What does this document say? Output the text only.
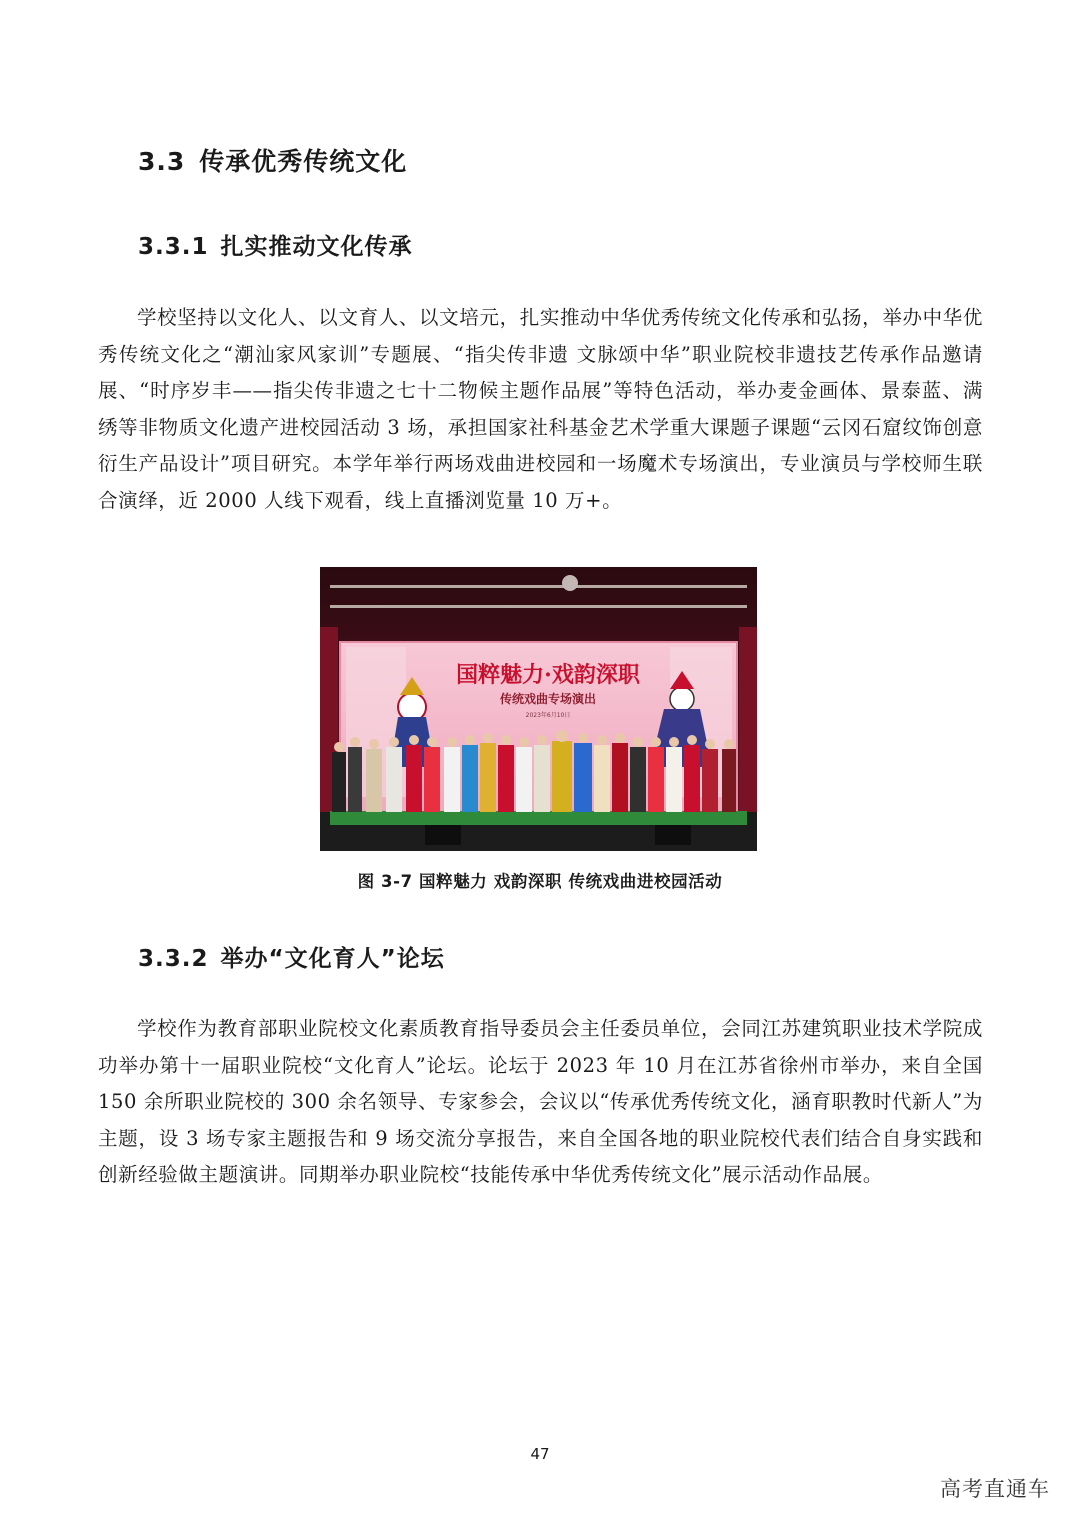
3.3 传承优秀传统文化
3.3.1 扎实推动文化传承

学校坚持以文化人、以文育人、以文培元，扎实推动中华优秀传统文化传承和弘扬，举办中华优秀传统文化之“潮汕家风家训”专题展、“指尖传非遗 文脉颂中华”职业院校非遗技艺传承作品邀请展、“时序岁丰——指尖传非遗之七十二物候主题作品展”等特色活动，举办麦金画体、景泰蓝、满绣等非物质文化遗产进校园活动 3 场，承担国家社科基金艺术学重大课题子课题“云冈石窟纹饰创意衍生产品设计”项目研究。本学年举行两场戏曲进校园和一场魔术专场演出，专业演员与学校师生联合演绎，近 2000 人线下观看，线上直播浏览量 10 万+。

国粹魅力·戏韵深职
传统戏曲专场演出
2023年6月10日

图 3-7 国粹魅力 戏韵深职 传统戏曲进校园活动

3.3.2 举办“文化育人”论坛

学校作为教育部职业院校文化素质教育指导委员会主任委员单位，会同江苏建筑职业技术学院成功举办第十一届职业院校“文化育人”论坛。论坛于 2023 年 10 月在江苏省徐州市举办，来自全国 150 余所职业院校的 300 余名领导、专家参会，会议以“传承优秀传统文化，涵育职教时代新人”为主题，设 3 场专家主题报告和 9 场交流分享报告，来自全国各地的职业院校代表们结合自身实践和创新经验做主题演讲。同期举办职业院校“技能传承中华优秀传统文化”展示活动作品展。

47
高考直通车
